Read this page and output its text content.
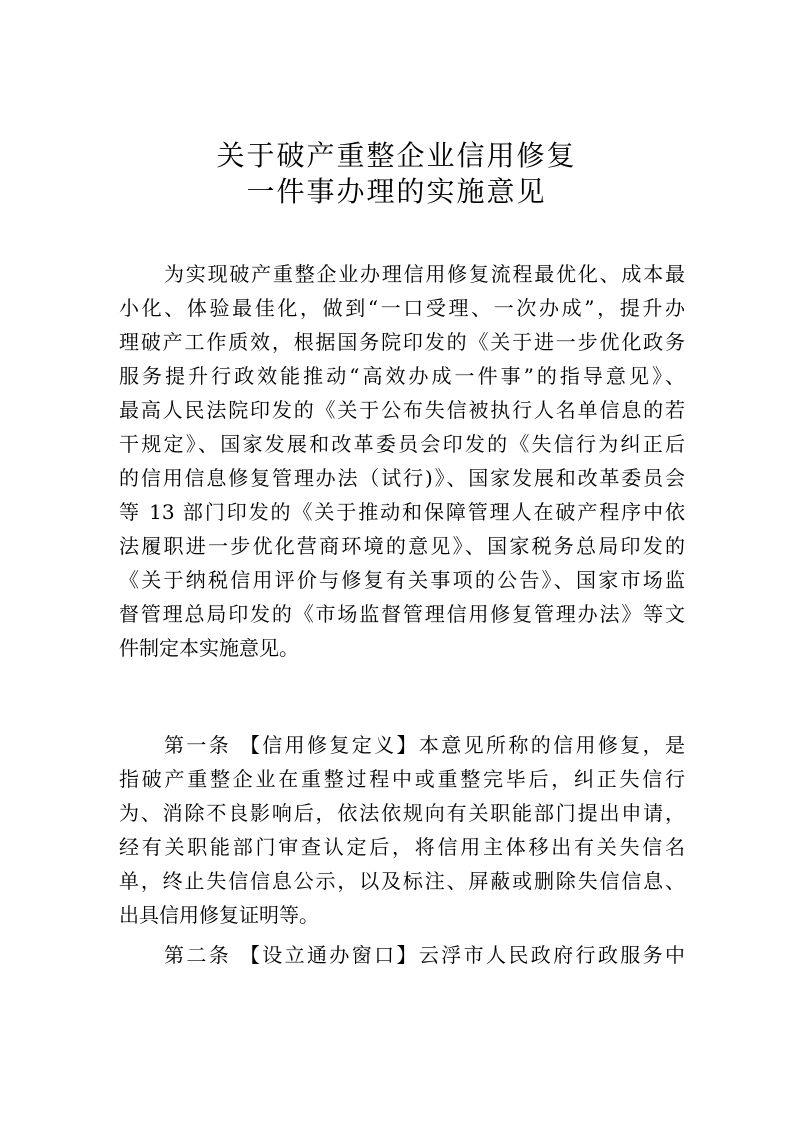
关于破产重整企业信用修复
一件事办理的实施意见

为实现破产重整企业办理信用修复流程最优化、成本最

小化、体验最佳化，做到“一口受理、一次办成”，提升办

理破产工作质效，根据国务院印发的《关于进一步优化政务

服务提升行政效能推动“高效办成一件事”的指导意见》、

最高人民法院印发的《关于公布失信被执行人名单信息的若

干规定》、国家发展和改革委员会印发的《失信行为纠正后

的信用信息修复管理办法（试行)》、国家发展和改革委员会

等 13 部门印发的《关于推动和保障管理人在破产程序中依

法履职进一步优化营商环境的意见》、国家税务总局印发的

《关于纳税信用评价与修复有关事项的公告》、国家市场监

督管理总局印发的《市场监督管理信用修复管理办法》等文

件制定本实施意见。

第一条 【信用修复定义】本意见所称的信用修复，是

指破产重整企业在重整过程中或重整完毕后，纠正失信行

为、消除不良影响后，依法依规向有关职能部门提出申请，

经有关职能部门审查认定后，将信用主体移出有关失信名

单，终止失信信息公示，以及标注、屏蔽或删除失信信息、

出具信用修复证明等。

第二条 【设立通办窗口】云浮市人民政府行政服务中
